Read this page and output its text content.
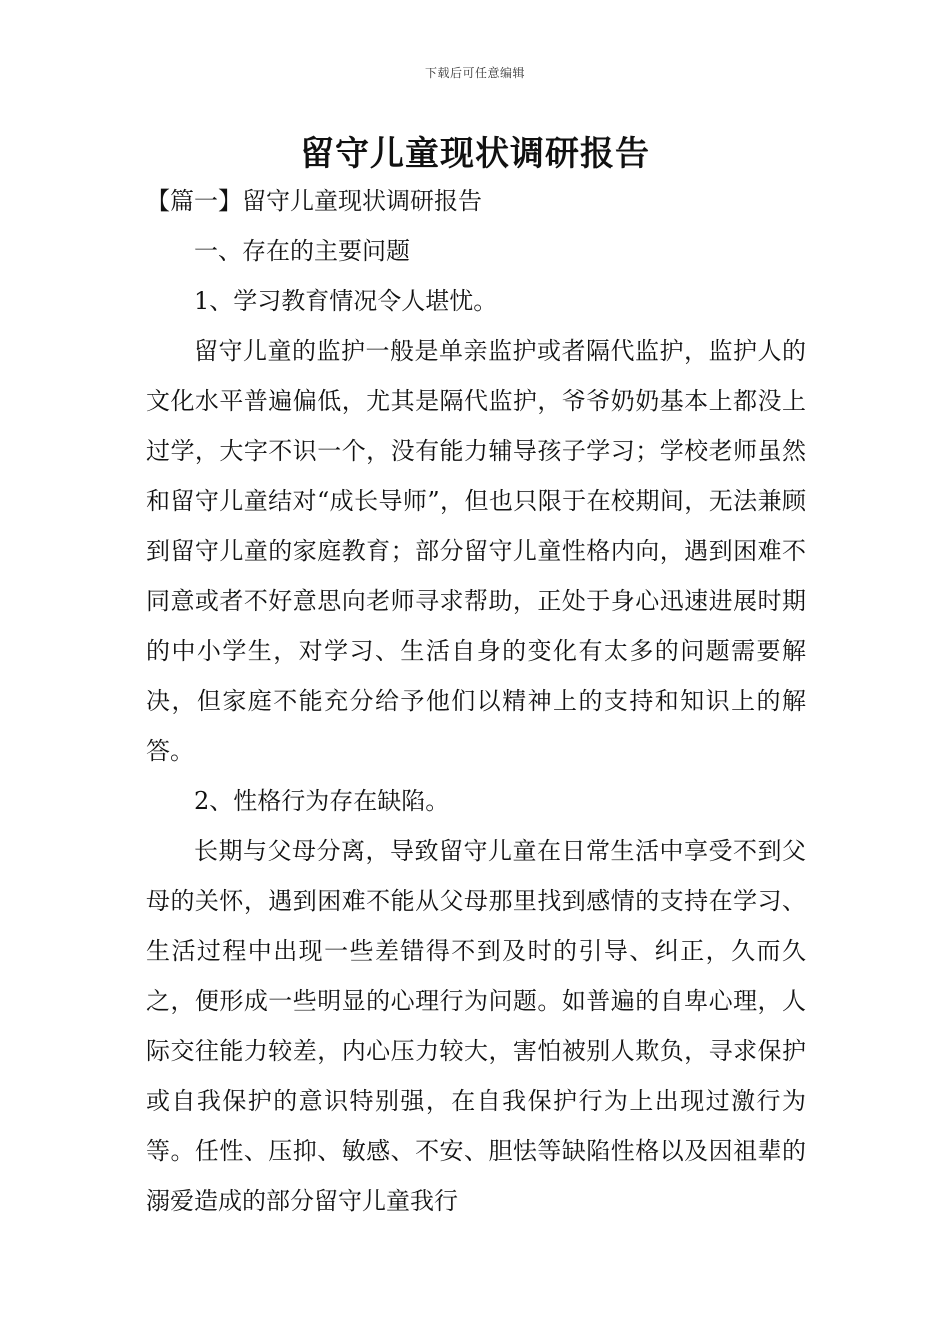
下载后可任意编辑
留守儿童现状调研报告

【篇一】留守儿童现状调研报告

一、存在的主要问题

1、学习教育情况令人堪忧。

留守儿童的监护一般是单亲监护或者隔代监护，监护人的文化水平普遍偏低，尤其是隔代监护，爷爷奶奶基本上都没上过学，大字不识一个，没有能力辅导孩子学习；学校老师虽然和留守儿童结对“成长导师”，但也只限于在校期间，无法兼顾到留守儿童的家庭教育；部分留守儿童性格内向，遇到困难不同意或者不好意思向老师寻求帮助，正处于身心迅速进展时期的中小学生，对学习、生活自身的变化有太多的问题需要解决，但家庭不能充分给予他们以精神上的支持和知识上的解答。

2、性格行为存在缺陷。

长期与父母分离，导致留守儿童在日常生活中享受不到父母的关怀，遇到困难不能从父母那里找到感情的支持在学习、生活过程中出现一些差错得不到及时的引导、纠正，久而久之，便形成一些明显的心理行为问题。如普遍的自卑心理，人际交往能力较差，内心压力较大，害怕被别人欺负，寻求保护或自我保护的意识特别强，在自我保护行为上出现过激行为等。任性、压抑、敏感、不安、胆怯等缺陷性格以及因祖辈的溺爱造成的部分留守儿童我行
